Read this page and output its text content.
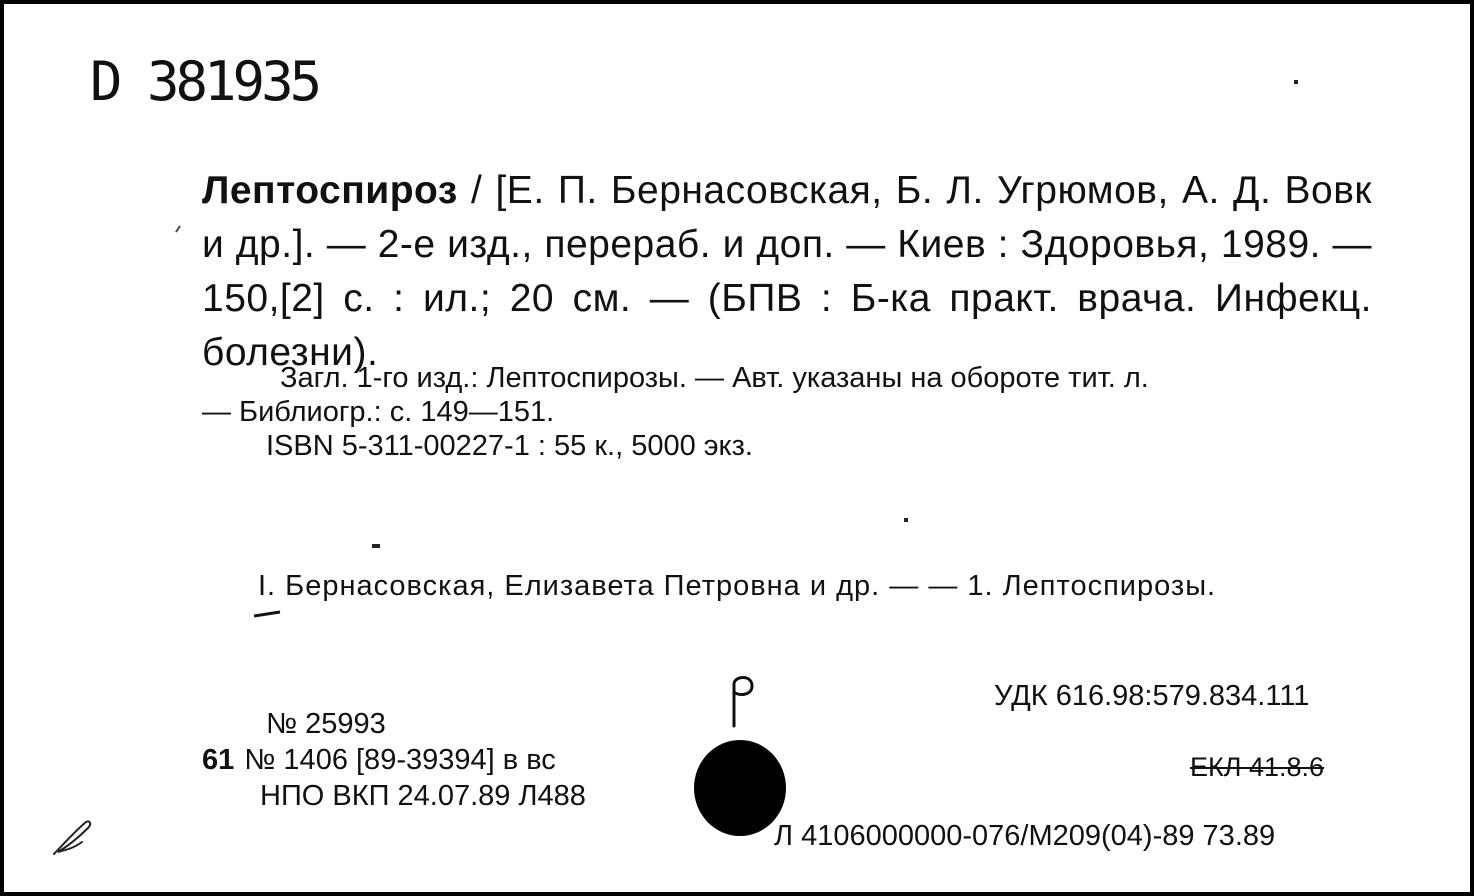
D 381935
Лептоспироз / [Е. П. Бернасовская, Б. Л. Угрюмов, А. Д. Вовк и др.]. — 2-е изд., перераб. и доп. — Киев : Здоровья, 1989. — 150,[2] с. : ил.; 20 см. — (БПВ : Б-ка практ. врача. Инфекц. болезни).
Загл. 1-го изд.: Лептоспирозы. — Авт. указаны на обороте тит. л.
— Библиогр.: с. 149—151.
ISBN 5-311-00227-1 : 55 к., 5000 экз.
I. Бернасовская, Елизавета Петровна и др. — — 1. Лептоспирозы.
УДК 616.98:579.834.111
№ 25993
61 № 1406 [89-39394] в вс
НПО ВКП 24.07.89 Л488
ЕКЛ 41.8.6
Л 4106000000-076/М209(04)-89 73.89
